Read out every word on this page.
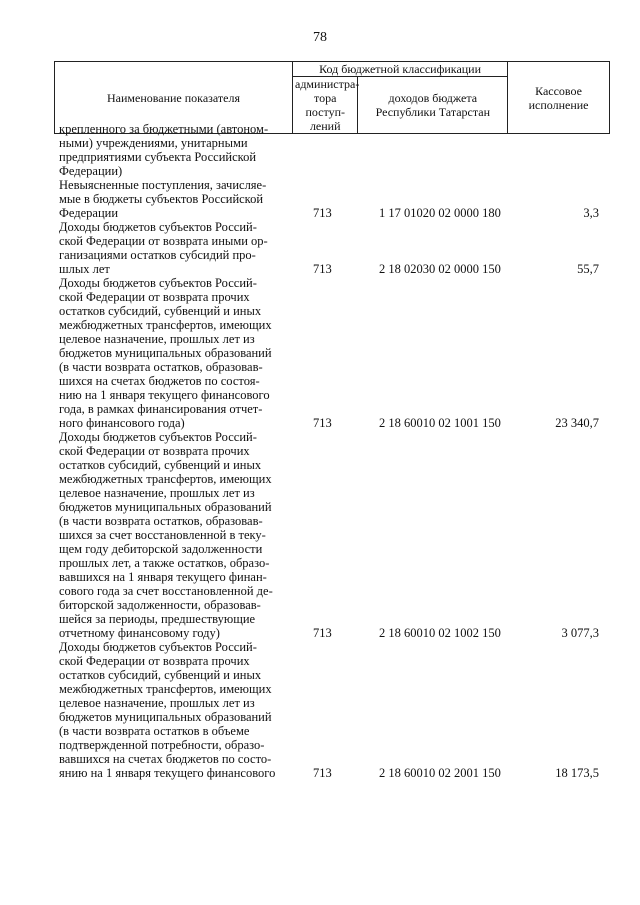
78
Наименование показателя	Код бюджетной классификации		Кассовое
исполнение
	администра-
тора поступ-
лений	доходов бюджета
Республики Татарстан	
крепленного за бюджетными (автоном-
ными) учреждениями, унитарными
предприятиями субъекта Российской
Федерации)
Невыясненные поступления, зачисляе-
мые в бюджеты субъектов Российской
Федерации	713	1 17 01020 02 0000 180	3,3
Доходы бюджетов субъектов Россий-
ской Федерации от возврата иными ор-
ганизациями остатков субсидий про-
шлых лет	713	2 18 02030 02 0000 150	55,7
Доходы бюджетов субъектов Россий-
ской Федерации от возврата прочих
остатков субсидий, субвенций и иных
межбюджетных трансфертов, имеющих
целевое назначение, прошлых лет из
бюджетов муниципальных образований
(в части возврата остатков, образовав-
шихся на счетах бюджетов по состоя-
нию на 1 января текущего финансового
года, в рамках финансирования отчет-
ного финансового года)	713	2 18 60010 02 1001 150	23 340,7
Доходы бюджетов субъектов Россий-
ской Федерации от возврата прочих
остатков субсидий, субвенций и иных
межбюджетных трансфертов, имеющих
целевое назначение, прошлых лет из
бюджетов муниципальных образований
(в части возврата остатков, образовав-
шихся за счет восстановленной в теку-
щем году дебиторской задолженности
прошлых лет, а также остатков, образо-
вавшихся на 1 января текущего финан-
сового года за счет восстановленной де-
биторской задолженности, образовав-
шейся за периоды, предшествующие
отчетному финансовому году)	713	2 18 60010 02 1002 150	3 077,3
Доходы бюджетов субъектов Россий-
ской Федерации от возврата прочих
остатков субсидий, субвенций и иных
межбюджетных трансфертов, имеющих
целевое назначение, прошлых лет из
бюджетов муниципальных образований
(в части возврата остатков в объеме
подтвержденной потребности, образо-
вавшихся на счетах бюджетов по состо-
янию на 1 января текущего финансового	713	2 18 60010 02 2001 150	18 173,5
